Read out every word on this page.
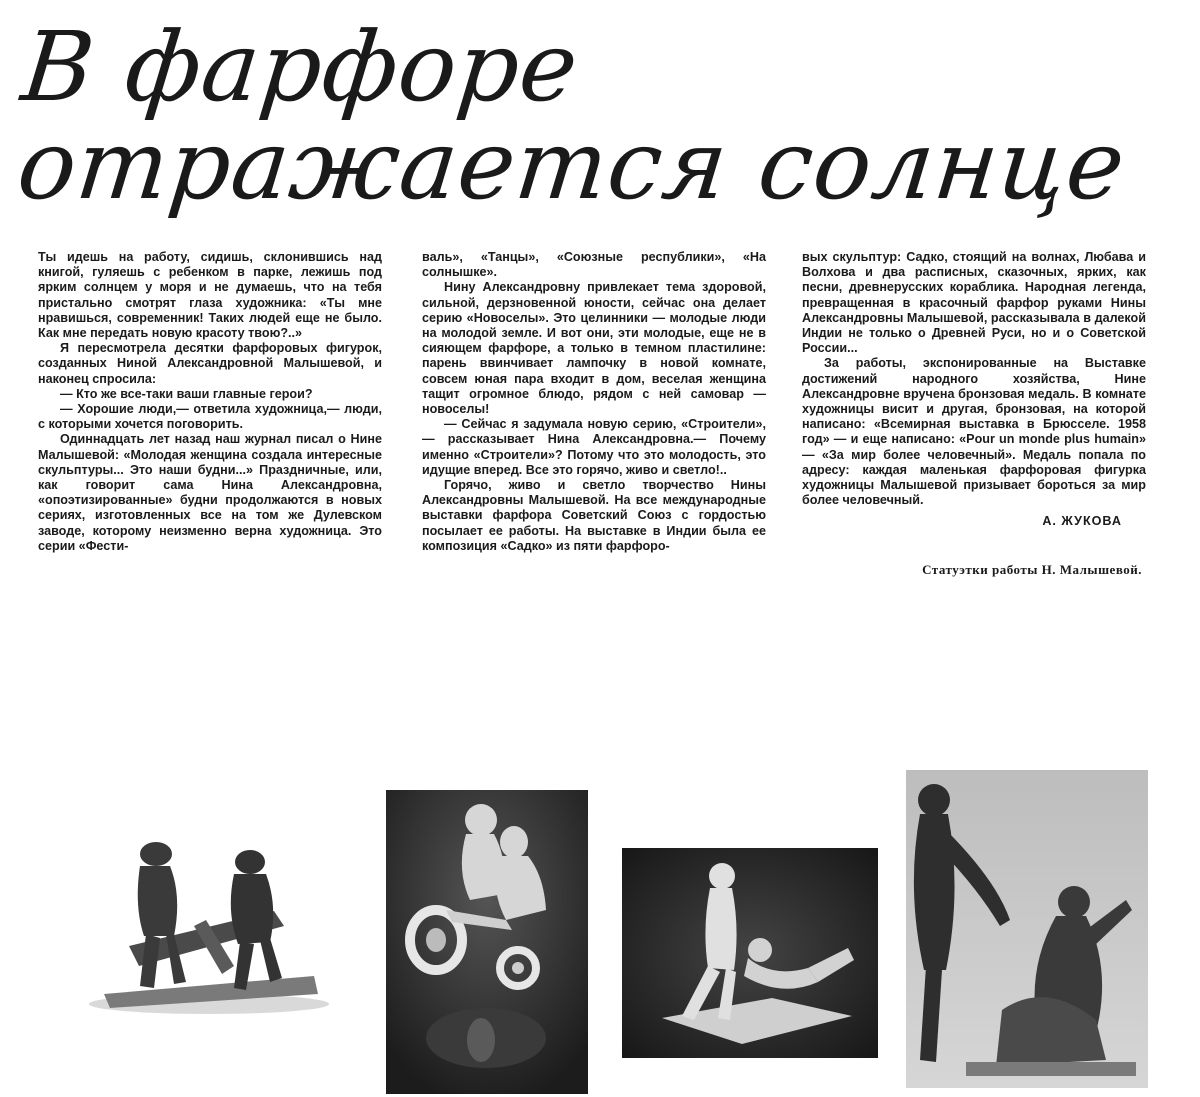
В фарфоре
отражается солнце

Ты идешь на работу, сидишь, склонившись над книгой, гуляешь с ребенком в парке, лежишь под ярким солнцем у моря и не думаешь, что на тебя пристально смотрят глаза художника: «Ты мне нравишься, современник! Таких людей еще не было. Как мне передать новую красоту твою?..»

Я пересмотрела десятки фарфоровых фигурок, созданных Ниной Александровной Малышевой, и наконец спросила:

— Кто же все-таки ваши главные герои?

— Хорошие люди,— ответила художница,— люди, с которыми хочется поговорить.

Одиннадцать лет назад наш журнал писал о Нине Малышевой: «Молодая женщина создала интересные скульптуры... Это наши будни...» Праздничные, или, как говорит сама Нина Александровна, «опоэтизированные» будни продолжаются в новых сериях, изготовленных все на том же Дулевском заводе, которому неизменно верна художница. Это серии «Фести-

валь», «Танцы», «Союзные республики», «На солнышке».

Нину Александровну привлекает тема здоровой, сильной, дерзновенной юности, сейчас она делает серию «Новоселы». Это целинники — молодые люди на молодой земле. И вот они, эти молодые, еще не в сияющем фарфоре, а только в темном пластилине: парень ввинчивает лампочку в новой комнате, совсем юная пара входит в дом, веселая женщина тащит огромное блюдо, рядом с ней самовар — новоселы!

— Сейчас я задумала новую серию, «Строители»,— рассказывает Нина Александровна.— Почему именно «Строители»? Потому что это молодость, это идущие вперед. Все это горячо, живо и светло!..

Горячо, живо и светло творчество Нины Александровны Малышевой. На все международные выставки фарфора Советский Союз с гордостью посылает ее работы. На выставке в Индии была ее композиция «Садко» из пяти фарфоро-

вых скульптур: Садко, стоящий на волнах, Любава и Волхова и два расписных, сказочных, ярких, как песни, древнерусских кораблика. Народная легенда, превращенная в красочный фарфор руками Нины Александровны Малышевой, рассказывала в далекой Индии не только о Древней Руси, но и о Советской России...

За работы, экспонированные на Выставке достижений народного хозяйства, Нине Александровне вручена бронзовая медаль. В комнате художницы висит и другая, бронзовая, на которой написано: «Всемирная выставка в Брюсселе. 1958 год» — и еще написано: «Pour un monde plus humain» — «За мир более человечный». Медаль попала по адресу: каждая маленькая фарфоровая фигурка художницы Малышевой призывает бороться за мир более человечный.

А. ЖУКОВА
Статуэтки работы Н. Малышевой.
